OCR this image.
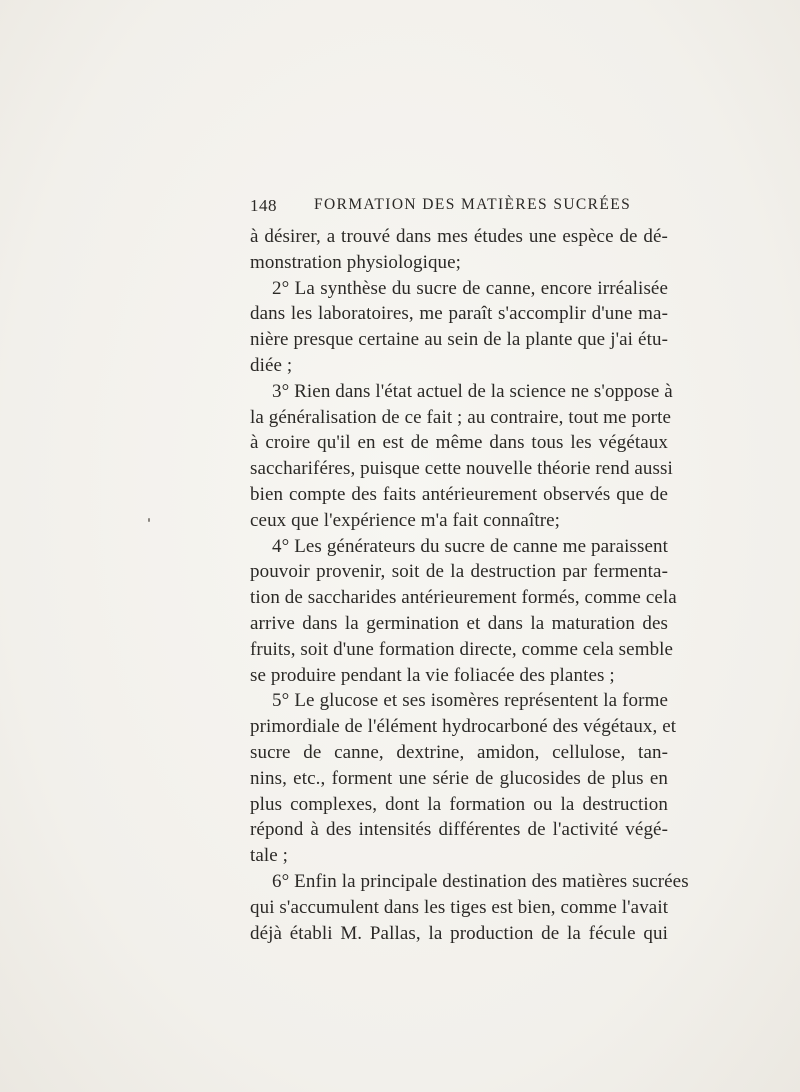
148 FORMATION DES MATIÈRES SUCRÉES
à désirer, a trouvé dans mes études une espèce de dé-
monstration physiologique;
2° La synthèse du sucre de canne, encore irréalisée
dans les laboratoires, me paraît s'accomplir d'une ma-
nière presque certaine au sein de la plante que j'ai étu-
diée ;
3° Rien dans l'état actuel de la science ne s'oppose à
la généralisation de ce fait ; au contraire, tout me porte
à croire qu'il en est de même dans tous les végétaux
sacchariféres, puisque cette nouvelle théorie rend aussi
bien compte des faits antérieurement observés que de
ceux que l'expérience m'a fait connaître;
4° Les générateurs du sucre de canne me paraissent
pouvoir provenir, soit de la destruction par fermenta-
tion de saccharides antérieurement formés, comme cela
arrive dans la germination et dans la maturation des
fruits, soit d'une formation directe, comme cela semble
se produire pendant la vie foliacée des plantes ;
5° Le glucose et ses isomères représentent la forme
primordiale de l'élément hydrocarboné des végétaux, et
sucre de canne, dextrine, amidon, cellulose, tan-
nins, etc., forment une série de glucosides de plus en
plus complexes, dont la formation ou la destruction
répond à des intensités différentes de l'activité végé-
tale ;
6° Enfin la principale destination des matières sucrées
qui s'accumulent dans les tiges est bien, comme l'avait
déjà établi M. Pallas, la production de la fécule qui
